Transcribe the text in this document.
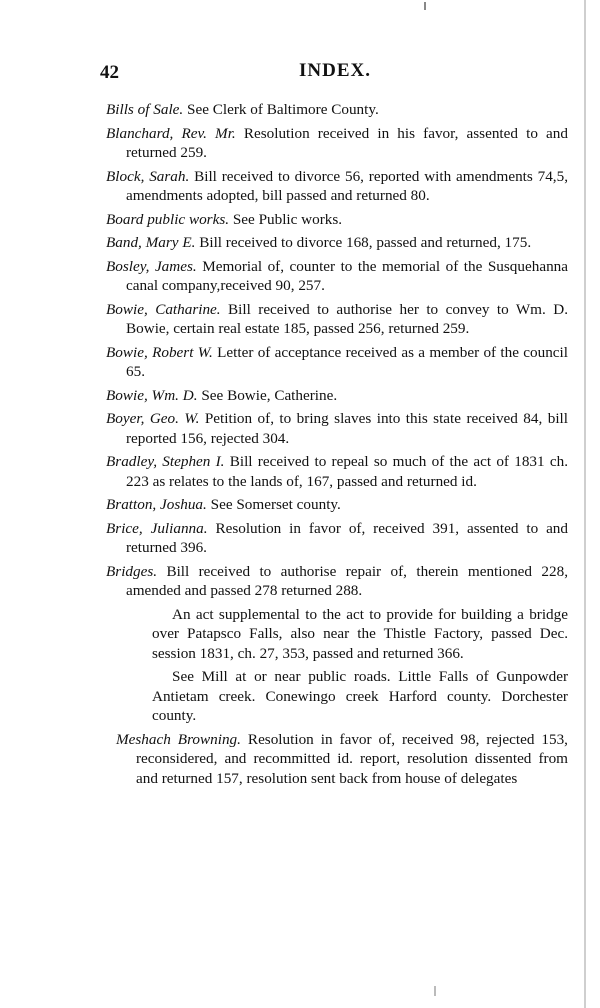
42	INDEX.

Bills of Sale. See Clerk of Baltimore County.

Blanchard, Rev. Mr. Resolution received in his favor, assented to and returned 259.

Block, Sarah. Bill received to divorce 56, reported with amendments 74,5, amendments adopted, bill passed and returned 80.

Board public works. See Public works.

Band, Mary E. Bill received to divorce 168, passed and returned, 175.

Bosley, James. Memorial of, counter to the memorial of the Susquehanna canal company,received 90, 257.

Bowie, Catharine. Bill received to authorise her to convey to Wm. D. Bowie, certain real estate 185, passed 256, returned 259.

Bowie, Robert W. Letter of acceptance received as a member of the council 65.

Bowie, Wm. D. See Bowie, Catherine.

Boyer, Geo. W. Petition of, to bring slaves into this state received 84, bill reported 156, rejected 304.

Bradley, Stephen I. Bill received to repeal so much of the act of 1831 ch. 223 as relates to the lands of, 167, passed and returned id.

Bratton, Joshua. See Somerset county.

Brice, Julianna. Resolution in favor of, received 391, assented to and returned 396.

Bridges. Bill received to authorise repair of, therein mentioned 228, amended and passed 278 returned 288.

An act supplemental to the act to provide for building a bridge over Patapsco Falls, also near the Thistle Factory, passed Dec. session 1831, ch. 27, 353, passed and returned 366.

See Mill at or near public roads. Little Falls of Gunpowder Antietam creek. Conewingo creek Harford county. Dorchester county.

Meshach Browning. Resolution in favor of, received 98, rejected 153, reconsidered, and recommitted id. report, resolution dissented from and returned 157, resolution sent back from house of delegates
